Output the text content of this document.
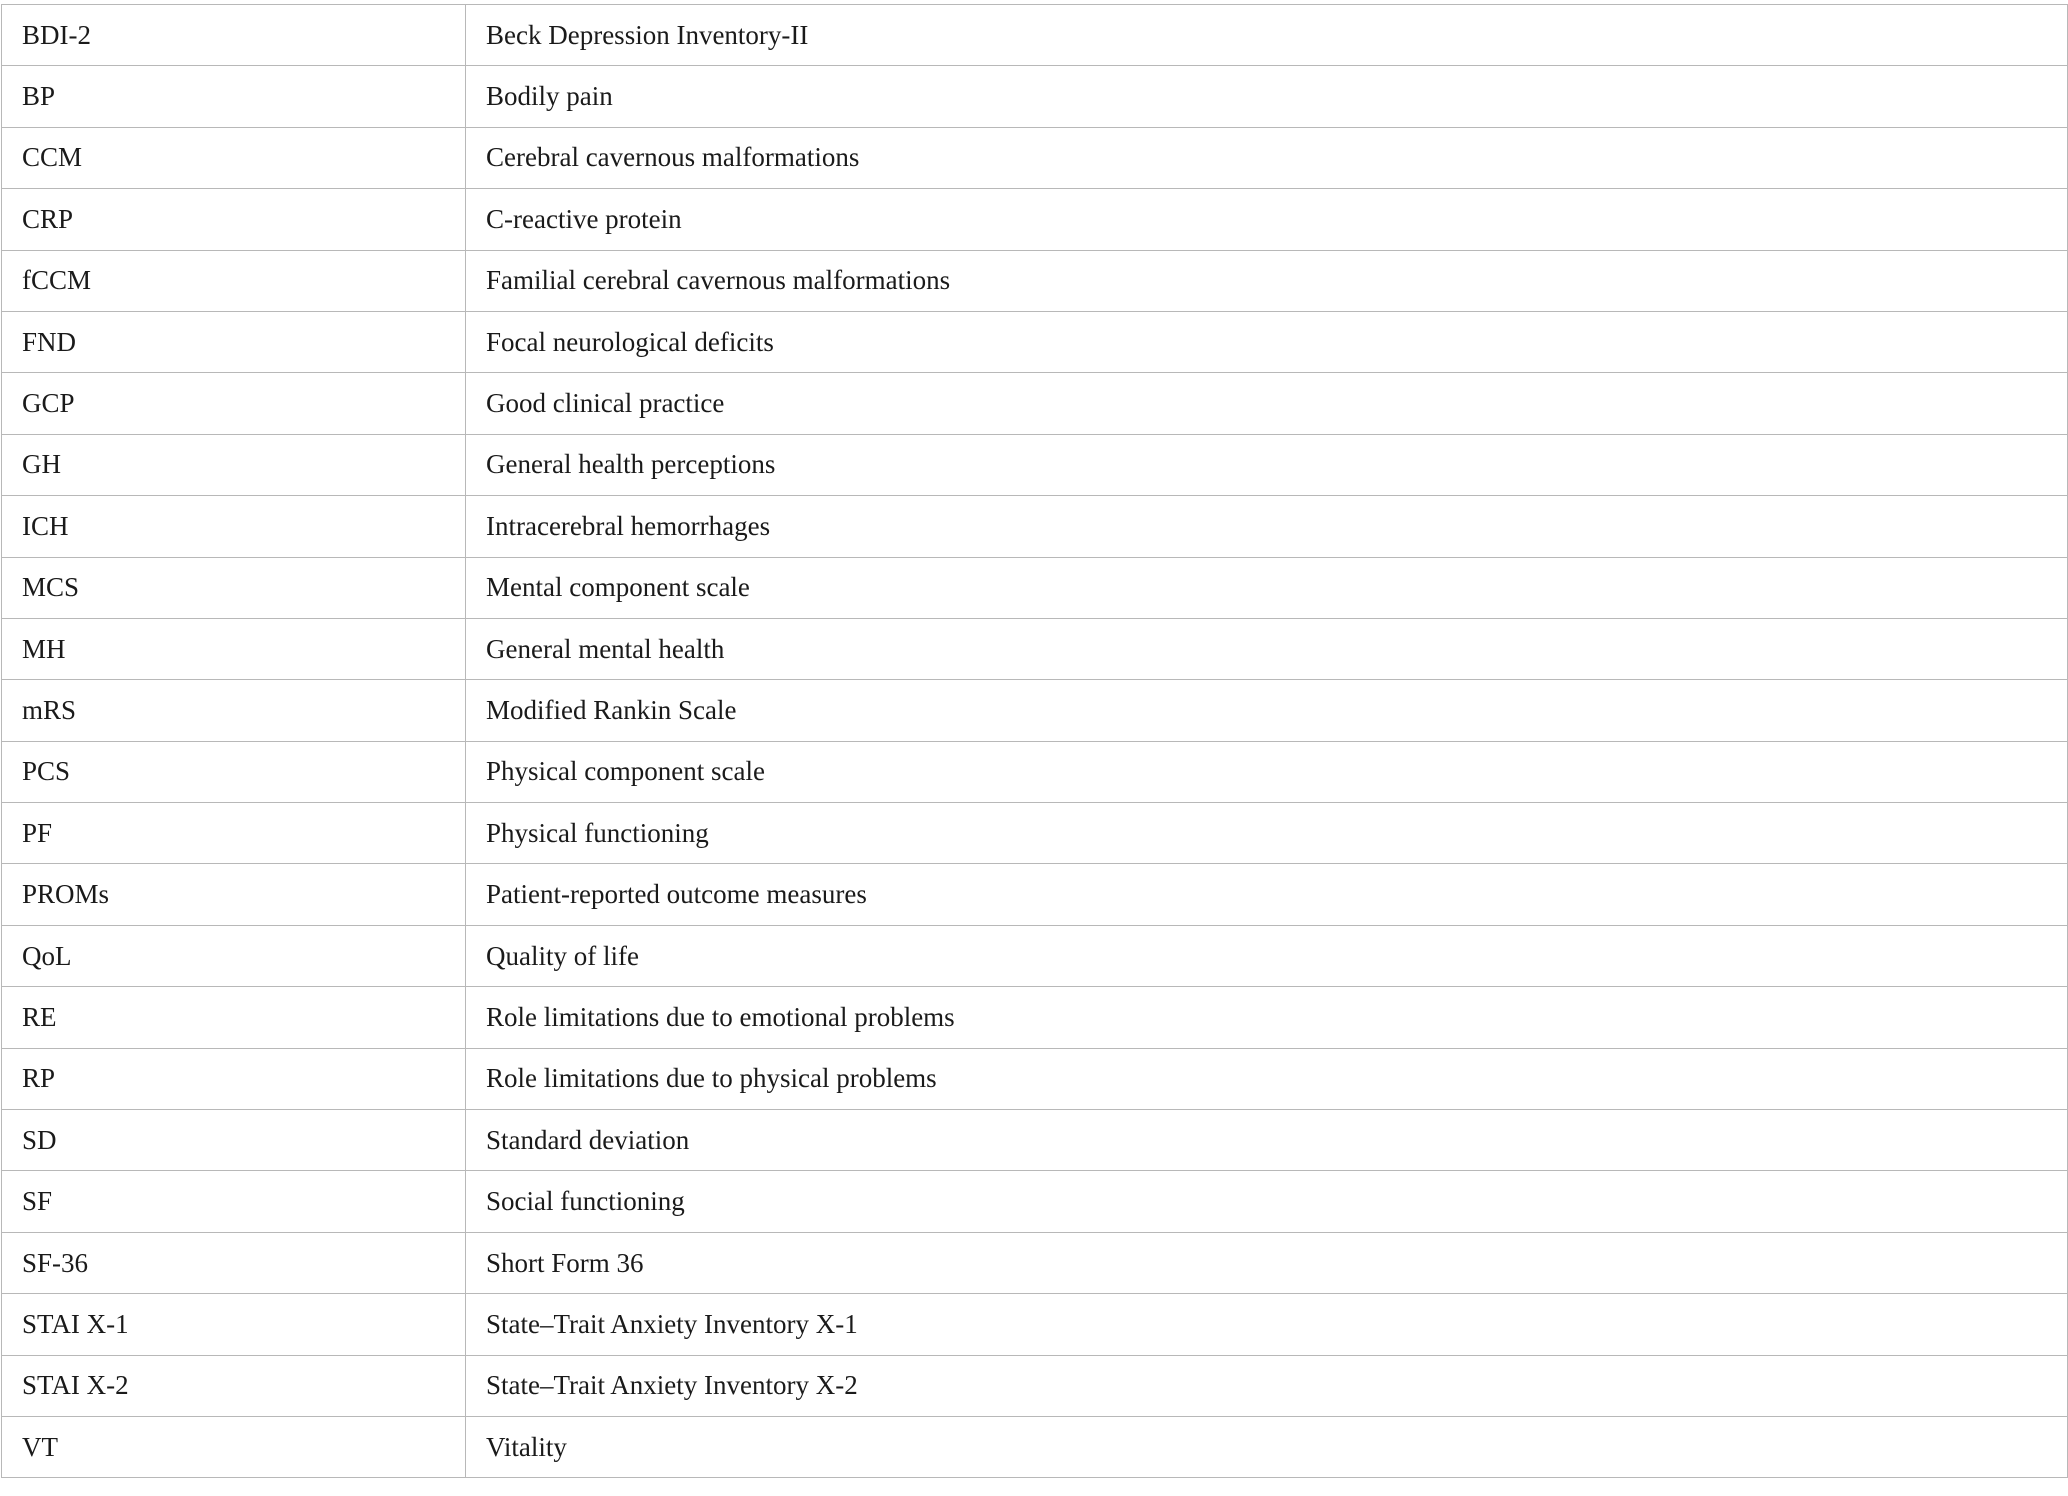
BDI-2	Beck Depression Inventory-II
BP	Bodily pain
CCM	Cerebral cavernous malformations
CRP	C-reactive protein
fCCM	Familial cerebral cavernous malformations
FND	Focal neurological deficits
GCP	Good clinical practice
GH	General health perceptions
ICH	Intracerebral hemorrhages
MCS	Mental component scale
MH	General mental health
mRS	Modified Rankin Scale
PCS	Physical component scale
PF	Physical functioning
PROMs	Patient-reported outcome measures
QoL	Quality of life
RE	Role limitations due to emotional problems
RP	Role limitations due to physical problems
SD	Standard deviation
SF	Social functioning
SF-36	Short Form 36
STAI X-1	State–Trait Anxiety Inventory X-1
STAI X-2	State–Trait Anxiety Inventory X-2
VT	Vitality
